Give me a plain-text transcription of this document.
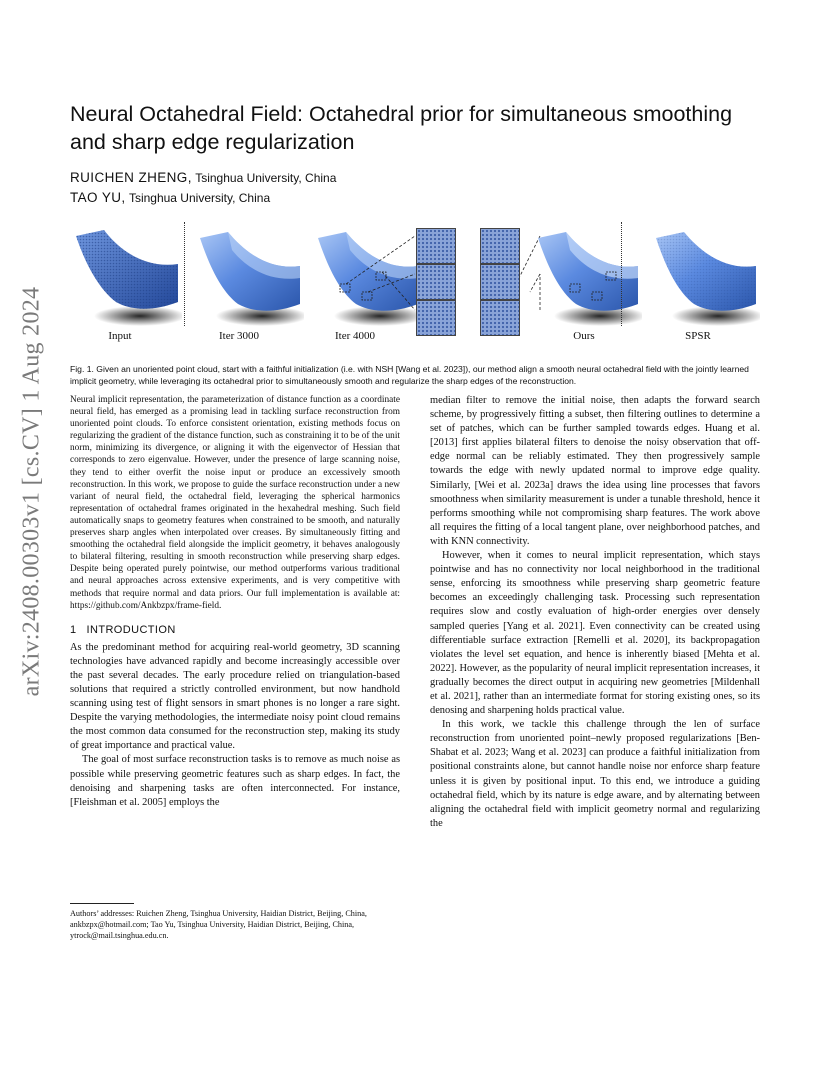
arXiv:2408.00303v1 [cs.CV] 1 Aug 2024
Neural Octahedral Field: Octahedral prior for simultaneous smoothing and sharp edge regularization
RUICHEN ZHENG, Tsinghua University, China
TAO YU, Tsinghua University, China
Input	Iter 3000	Iter 4000	Ours	SPSR
Fig. 1. Given an unoriented point cloud, start with a faithful initialization (i.e. with NSH [Wang et al. 2023]), our method align a smooth neural octahedral field with the jointly learned implicit geometry, while leveraging its octahedral prior to simultaneously smooth and regularize the sharp edges of the reconstruction.

Neural implicit representation, the parameterization of distance function as a coordinate neural field, has emerged as a promising lead in tackling surface reconstruction from unoriented point clouds. To enforce consistent orientation, existing methods focus on regularizing the gradient of the distance function, such as constraining it to be of the unit norm, minimizing its divergence, or aligning it with the eigenvector of Hessian that corresponds to zero eigenvalue. However, under the presence of large scanning noise, they tend to either overfit the noise input or produce an excessively smooth reconstruction. In this work, we propose to guide the surface reconstruction under a new variant of neural field, the octahedral field, leveraging the spherical harmonics representation of octahedral frames originated in the hexahedral meshing. Such field automatically snaps to geometry features when constrained to be smooth, and naturally preserves sharp angles when interpolated over creases. By simultaneously fitting and smoothing the octahedral field alongside the implicit geometry, it behaves analogously to bilateral filtering, resulting in smooth reconstruction while preserving sharp edges. Despite being operated purely pointwise, our method outperforms various traditional and neural approaches across extensive experiments, and is very competitive with methods that require normal and data priors. Our full implementation is available at: https://github.com/Ankbzpx/frame-field.

1 INTRODUCTION

As the predominant method for acquiring real-world geometry, 3D scanning technologies have advanced rapidly and become increasingly accessible over the past several decades. The early procedure relied on triangulation-based solutions that required a strictly controlled environment, but now handhold scanning using test of flight sensors in smart phones is no longer a rare sight. Despite the varying methodologies, the intermediate noisy point cloud remains the most common data consumed for the reconstruction step, making its study of great importance and practical value.

The goal of most surface reconstruction tasks is to remove as much noise as possible while preserving geometric features such as sharp edges. In fact, the denoising and sharpening tasks are often interconnected. For instance, [Fleishman et al. 2005] employs the

median filter to remove the initial noise, then adapts the forward search scheme, by progressively fitting a subset, then filtering outlines to determine a set of patches, which can be further sampled towards edges. Huang et al. [2013] first applies bilateral filters to denoise the noisy observation that off-edge normal can be reliably estimated. They then progressively sample towards the edge with newly updated normal to improve edge quality. Similarly, [Wei et al. 2023a] draws the idea using line processes that favors smoothness when similarity measurement is under a tunable threshold, hence it performs smoothing while not compromising sharp features. The work above all requires the fitting of a local tangent plane, over neighborhood patches, and with KNN connectivity.

However, when it comes to neural implicit representation, which stays pointwise and has no connectivity nor local neighborhood in the traditional sense, enforcing its smoothness while preserving sharp geometric feature becomes an exceedingly challenging task. Processing such representation requires slow and costly evaluation of high-order energies over densely sampled queries [Yang et al. 2021]. Even connectivity can be created using differentiable surface extraction [Remelli et al. 2020], its backpropagation violates the level set equation, and hence is inherently biased [Mehta et al. 2022]. However, as the popularity of neural implicit representation increases, it gradually becomes the direct output in acquiring new geometries [Mildenhall et al. 2021], rather than an intermediate format for storing existing ones, so its denosing and sharpening holds practical value.

In this work, we tackle this challenge through the len of surface reconstruction from unoriented point–newly proposed regularizations [Ben-Shabat et al. 2023; Wang et al. 2023] can produce a faithful initialization from positional constraints alone, but cannot handle noise nor enforce sharp feature unless it is given by positional input. To this end, we introduce a guiding octahedral field, which by its nature is edge aware, and by alternating between aligning the octahedral field with implicit geometry normal and regularizing the

Authors’ addresses: Ruichen Zheng, Tsinghua University, Haidian District, Beijing, China, ankbzpx@hotmail.com; Tao Yu, Tsinghua University, Haidian District, Beijing, China, ytrock@mail.tsinghua.edu.cn.
